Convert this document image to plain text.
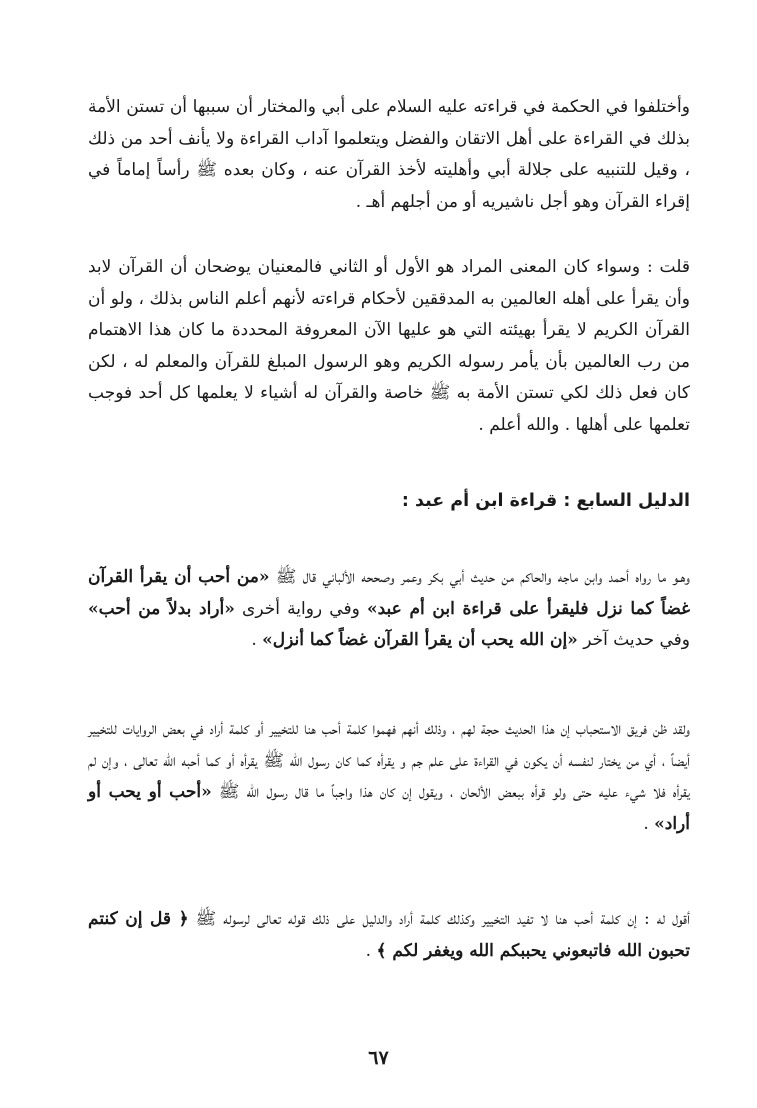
وأختلفوا في الحكمة في قراءته عليه السلام على أبي والمختار أن سببها أن تستن الأمة بذلك في القراءة على أهل الاتقان والفضل ويتعلموا آداب القراءة ولا يأنف أحد من ذلك ، وقيل للتنبيه على جلالة أبي وأهليته لأخذ القرآن عنه ، وكان بعده ﷺ رأساً إماماً في إقراء القرآن وهو أجل ناشيريه أو من أجلهم أهـ .

قلت : وسواء كان المعنى المراد هو الأول أو الثاني فالمعنيان يوضحان أن القرآن لابد وأن يقرأ على أهله العالمين به المدققين لأحكام قراءته لأنهم أعلم الناس بذلك ، ولو أن القرآن الكريم لا يقرأ بهيئته التي هو عليها الآن المعروفة المحددة ما كان هذا الاهتمام من رب العالمين بأن يأمر رسوله الكريم وهو الرسول المبلغ للقرآن والمعلم له ، لكن كان فعل ذلك لكي تستن الأمة به ﷺ خاصة والقرآن له أشياء لا يعلمها كل أحد فوجب تعلمها على أهلها . والله أعلم .

الدليل السابع : قراءة ابن أم عبد :

وهـو ما رواه أحمد وابن ماجه والحاكم من حديث أبي بكر وعمر وصححه الألباني قال ﷺ «من أحب أن يقرأ القرآن غضاً كما نزل فليقرأ على قراءة ابن أم عبد» وفي رواية أخرى «أراد بدلاً من أحب» وفي حديث آخر «إن الله يحب أن يقرأ القرآن غضاً كما أنزل» .

ولقد ظن فريق الاستحباب إن هذا الحديث حجة لهم ، وذلك أنهم فهموا كلمة أحب هنا للتخيير أو كلمة أراد في بعض الروايات للتخيير أيضاً ، أي من يختار لنفسه أن يكون في القراءة على علم جم و يقرأه كما كان رسول الله ﷺ يقرأه أو كما أحبه الله تعالى ، وإن لم يقرأه فلا شيء عليه حتى ولو قرأه ببعض الألحان ، ويقول إن كان هذا واجباً ما قال رسول الله ﷺ «أحب أو يحب أو أراد» .

أقول له : إن كلمة أحب هنا لا تفيد التخيير وكذلك كلمة أراد والدليل على ذلك قوله تعالى لرسوله ﷺ ﴿ قل إن كنتم تحبون الله فاتبعوني يحببكم الله ويغفر لكم ﴾ .

٦٧
